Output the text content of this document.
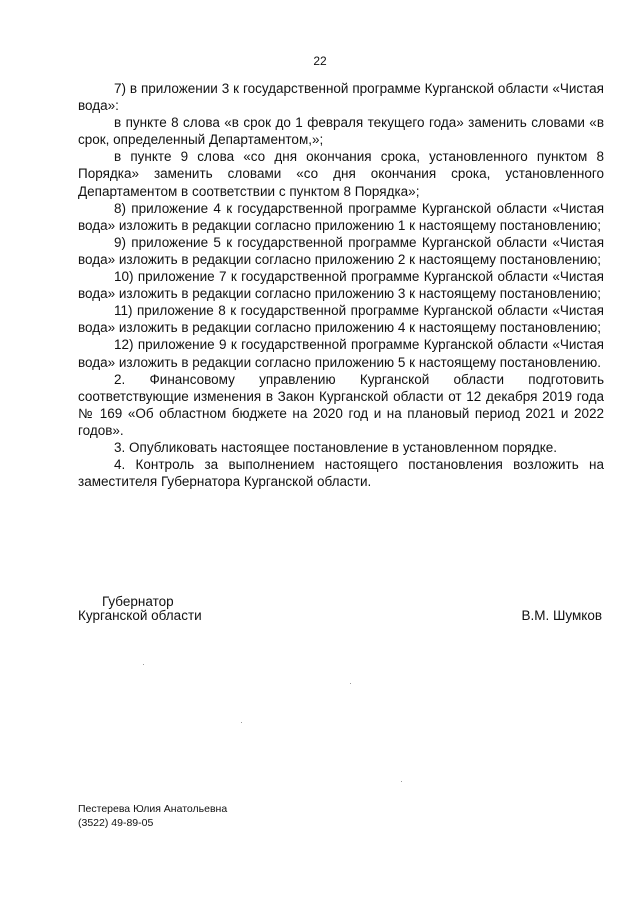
22

7) в приложении 3 к государственной программе Курганской области «Чистая вода»:

в пункте 8 слова «в срок до 1 февраля текущего года» заменить словами «в срок, определенный Департаментом,»;

в пункте 9 слова «со дня окончания срока, установленного пунктом 8 Порядка» заменить словами «со дня окончания срока, установленного Департаментом в соответствии с пунктом 8 Порядка»;

8) приложение 4 к государственной программе Курганской области «Чистая вода» изложить в редакции согласно приложению 1 к настоящему постановлению;

9) приложение 5 к государственной программе Курганской области «Чистая вода» изложить в редакции согласно приложению 2 к настоящему постановлению;

10) приложение 7 к государственной программе Курганской области «Чистая вода» изложить в редакции согласно приложению 3 к настоящему постановлению;

11) приложение 8 к государственной программе Курганской области «Чистая вода» изложить в редакции согласно приложению 4 к настоящему постановлению;

12) приложение 9 к государственной программе Курганской области «Чистая вода» изложить в редакции согласно приложению 5 к настоящему постановлению.

2. Финансовому управлению Курганской области подготовить соответствующие изменения в Закон Курганской области от 12 декабря 2019 года № 169 «Об областном бюджете на 2020 год и на плановый период 2021 и 2022 годов».

3. Опубликовать настоящее постановление в установленном порядке.

4. Контроль за выполнением настоящего постановления возложить на заместителя Губернатора Курганской области.

Губернатор
Курганской области	В.М. Шумков
Пестерева Юлия Анатольевна
(3522) 49-89-05
